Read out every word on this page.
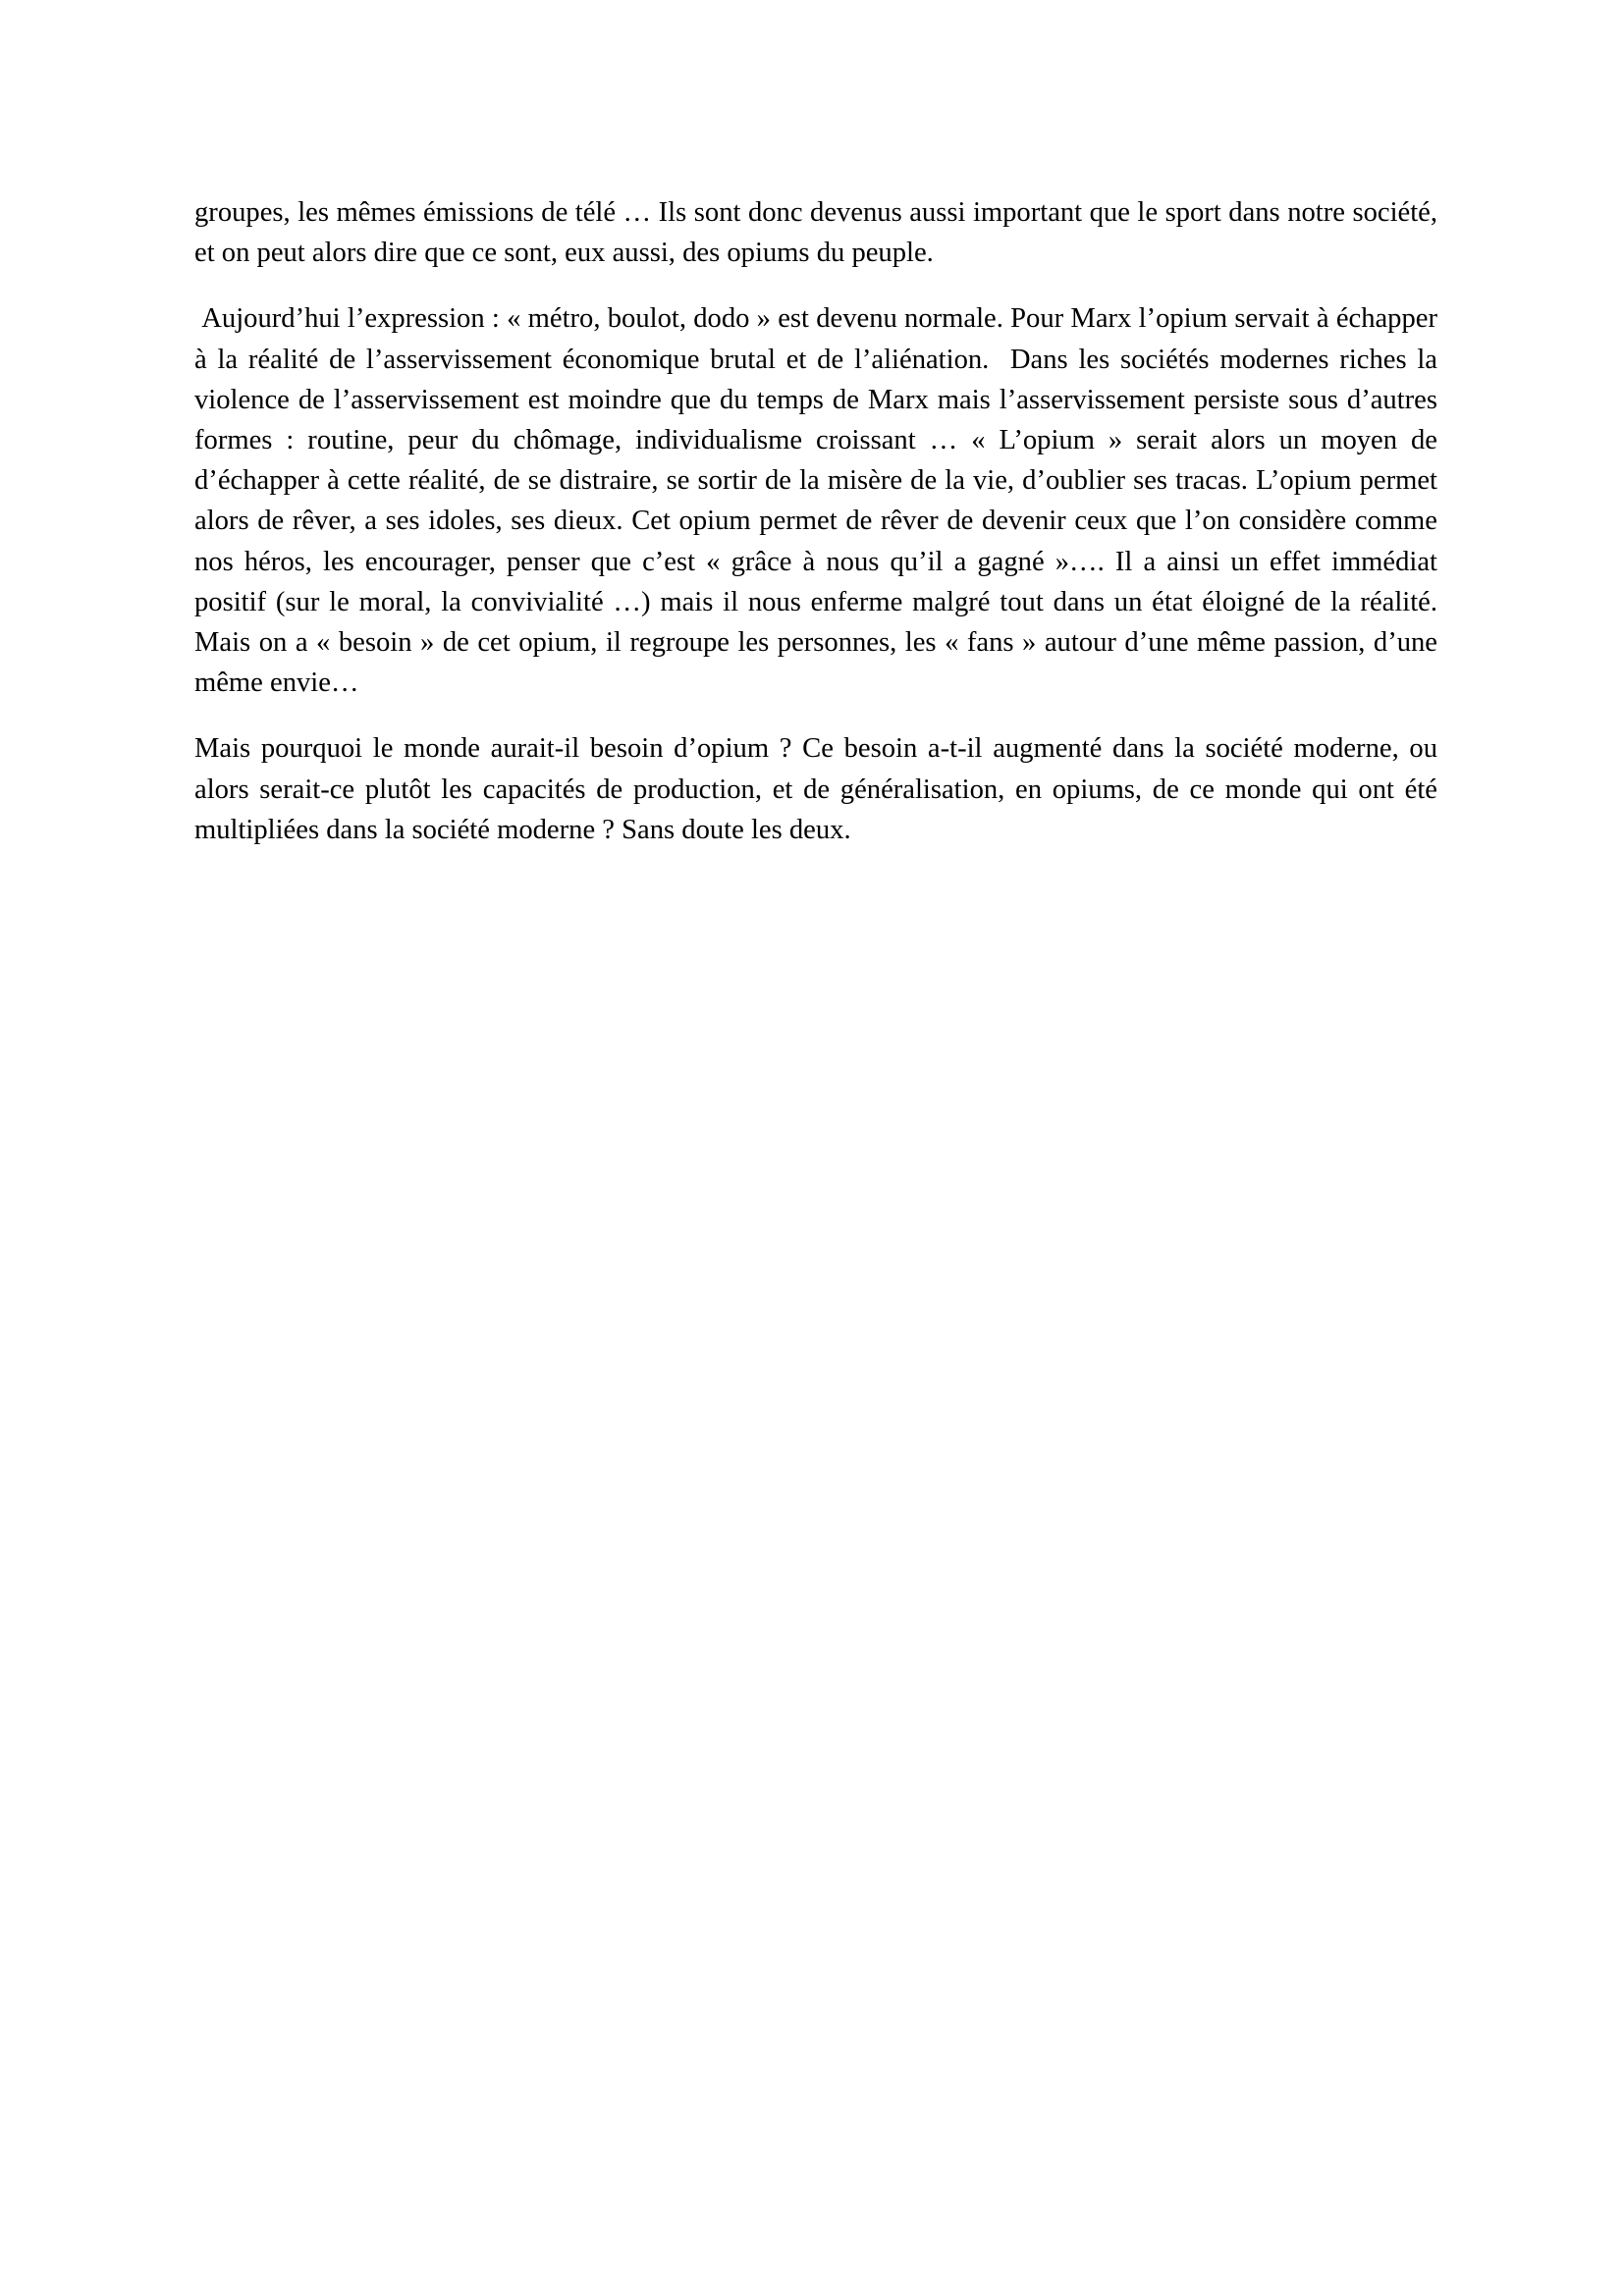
groupes, les mêmes émissions de télé … Ils sont donc devenus aussi important que le sport dans notre société, et on peut alors dire que ce sont, eux aussi, des opiums du peuple.

Aujourd’hui l’expression : « métro, boulot, dodo » est devenu normale. Pour Marx l’opium servait à échapper à la réalité de l’asservissement économique brutal et de l’aliénation.  Dans les sociétés modernes riches la violence de l’asservissement est moindre que du temps de Marx mais l’asservissement persiste sous d’autres formes : routine, peur du chômage, individualisme croissant … « L’opium » serait alors un moyen de d’échapper à cette réalité, de se distraire, se sortir de la misère de la vie, d’oublier ses tracas. L’opium permet alors de rêver, a ses idoles, ses dieux. Cet opium permet de rêver de devenir ceux que l’on considère comme nos héros, les encourager, penser que c’est « grâce à nous qu’il a gagné »…. Il a ainsi un effet immédiat positif (sur le moral, la convivialité …) mais il nous enferme malgré tout dans un état éloigné de la réalité.  Mais on a « besoin » de cet opium, il regroupe les personnes, les « fans » autour d’une même passion, d’une même envie…

Mais pourquoi le monde aurait-il besoin d’opium ? Ce besoin a-t-il augmenté dans la société moderne, ou alors serait-ce plutôt les capacités de production, et de généralisation, en opiums, de ce monde qui ont été multipliées dans la société moderne ? Sans doute les deux.
